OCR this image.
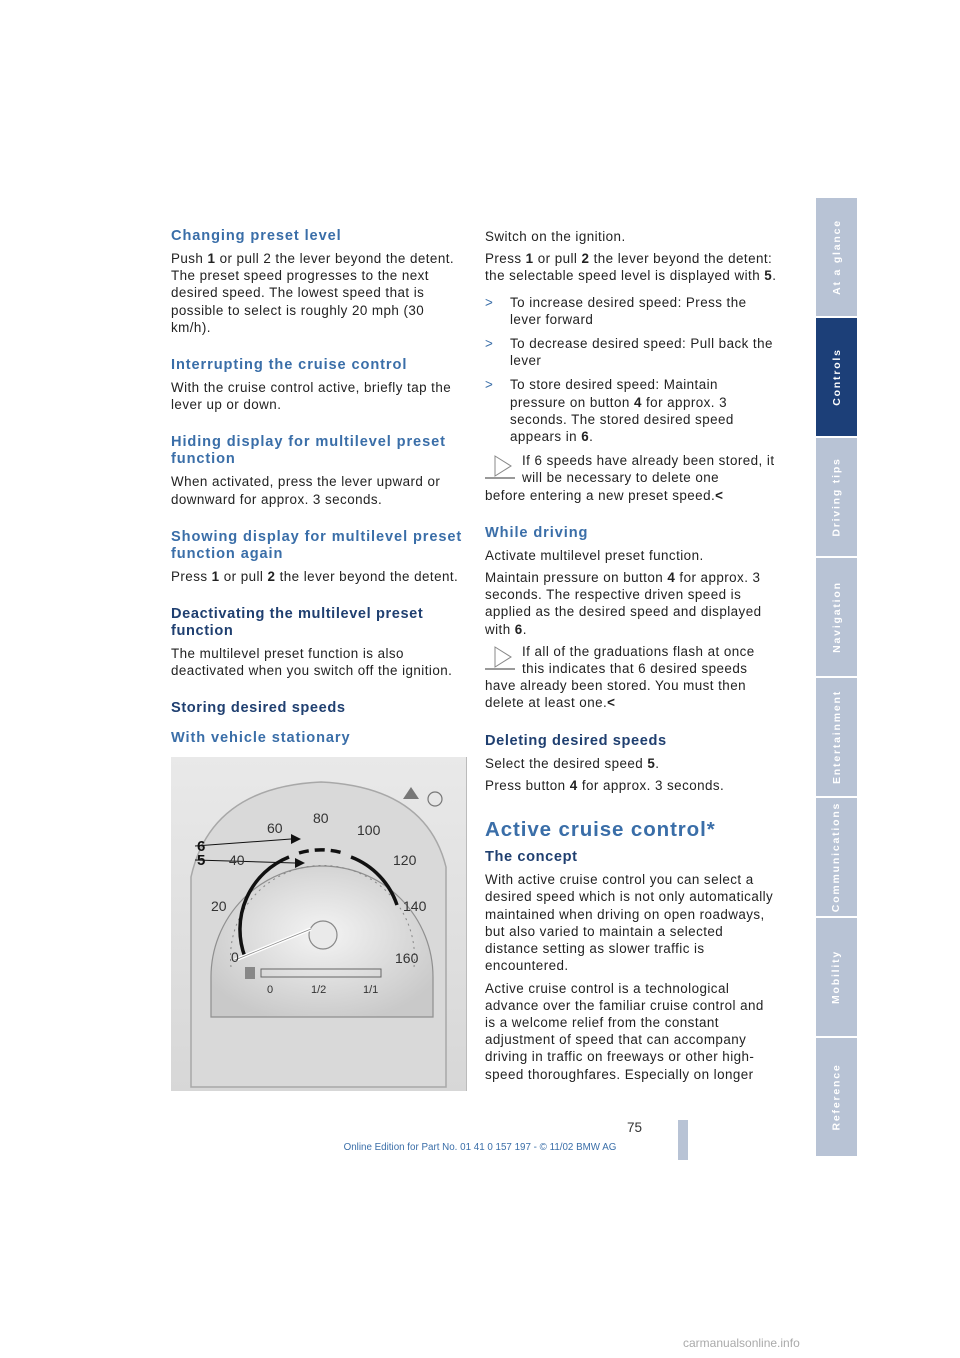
Changing preset level

Push 1 or pull 2 the lever beyond the detent. The preset speed progresses to the next desired speed. The lowest speed that is possible to select is roughly 20 mph (30 km/h).

Interrupting the cruise control

With the cruise control active, briefly tap the lever up or down.

Hiding display for multilevel preset function

When activated, press the lever upward or downward for approx. 3 seconds.

Showing display for multilevel preset function again

Press 1 or pull 2 the lever beyond the detent.

Deactivating the multilevel preset function

The multilevel preset function is also deactivated when you switch off the ignition.

Storing desired speeds
With vehicle stationary
0
20
40
60
80
100
120
140
160
6
5
0	1/2	1/1

Switch on the ignition.

Press 1 or pull 2 the lever beyond the detent: the selectable speed level is displayed with 5.

> To increase desired speed: Press the lever forward
> To decrease desired speed: Pull back the lever
> To store desired speed: Maintain pressure on button 4 for approx. 3 seconds. The stored desired speed appears in 6.
If 6 speeds have already been stored, it will be necessary to delete one
before entering a new preset speed.<
While driving

Activate multilevel preset function.

Maintain pressure on button 4 for approx. 3 seconds. The respective driven speed is applied as the desired speed and displayed with 6.

If all of the graduations flash at once this indicates that 6 desired speeds
have already been stored. You must then delete at least one.<
Deleting desired speeds

Select the desired speed 5.

Press button 4 for approx. 3 seconds.

Active cruise control*
The concept

With active cruise control you can select a desired speed which is not only automatically maintained when driving on open roadways, but also varied to maintain a selected distance setting as slower traffic is encountered.

Active cruise control is a technological advance over the familiar cruise control and is a welcome relief from the constant adjustment of speed that can accompany driving in traffic on freeways or other high-speed thoroughfares. Especially on longer

At a glance
Controls
Driving tips
Navigation
Entertainment
Communications
Mobility
Reference
75
Online Edition for Part No. 01 41 0 157 197 - © 11/02 BMW AG
carmanualsonline.info
